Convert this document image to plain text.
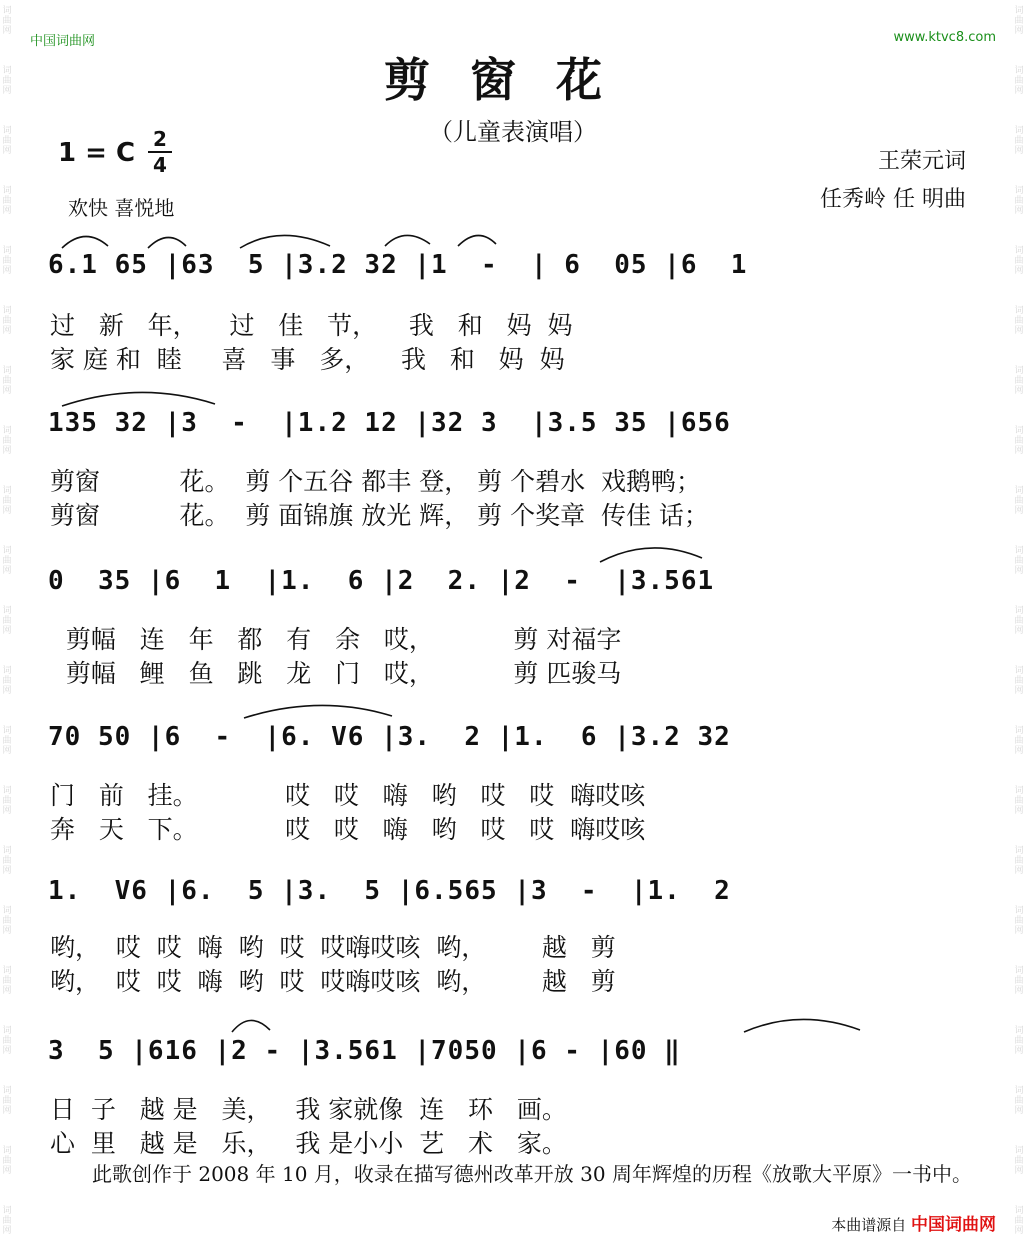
词
曲
网
词
曲
网
词
曲
网
词
曲
网
词
曲
网
词
曲
网
词
曲
网
词
曲
网
词
曲
网
词
曲
网
词
曲
网
词
曲
网
词
曲
网
词
曲
网
词
曲
网
词
曲
网
词
曲
网
词
曲
网
词
曲
网
词
曲
网
词
曲
网
词
曲
网
词
曲
网
词
曲
网
词
曲
网
词
曲
网
词
曲
网
词
曲
网
词
曲
网
词
曲
网
词
曲
网
词
曲
网
词
曲
网
词
曲
网
词
曲
网
词
曲
网
词
曲
网
词
曲
网
词
曲
网
词
曲
网
词
曲
网
词
曲
网
中国词曲网	www.ktvc8.com
剪窗花
（儿童表演唱）
1 = C 2
4
欢快 喜悦地
王荣元词
任秀岭 任 明曲
6.1 65 |63  5 |3.2 32 |1  -  | 6  05 |6  1
过   新   年，    过   佳   节，    我   和   妈  妈
家 庭 和  睦     喜   事   多，    我   和   妈  妈
135 32 |3  -  |1.2 12 |32 3  |3.5 35 |656
剪窗          花。  剪 个五谷 都丰 登， 剪 个碧水  戏鹅鸭；
剪窗          花。  剪 面锦旗 放光 辉， 剪 个奖章  传佳 话；
0  35 |6  1  |1.  6 |2  2. |2  -  |3.561
剪幅   连   年   都   有   余   哎，          剪 对福字
剪幅   鲤   鱼   跳   龙   门   哎，          剪 匹骏马
70 50 |6  -  |6. V6 |3.  2 |1.  6 |3.2 32
门   前   挂。           哎   哎   嗨   哟   哎   哎  嗨哎咳
奔   天   下。           哎   哎   嗨   哟   哎   哎  嗨哎咳
1.  V6 |6.  5 |3.  5 |6.565 |3  -  |1.  2
哟，  哎  哎  嗨  哟  哎  哎嗨哎咳  哟，       越   剪
哟，  哎  哎  嗨  哟  哎  哎嗨哎咳  哟，       越   剪
3  5 |616 |2 - |3.561 |7050 |6 - |60 ‖
日  子   越 是   美，   我 家就像  连   环   画。
心  里   越 是   乐，   我 是小小  艺   术   家。
此歌创作于 2008 年 10 月，收录在描写德州改革开放 30 周年辉煌的历程《放歌大平原》一书中。
本曲谱源自 中国词曲网
